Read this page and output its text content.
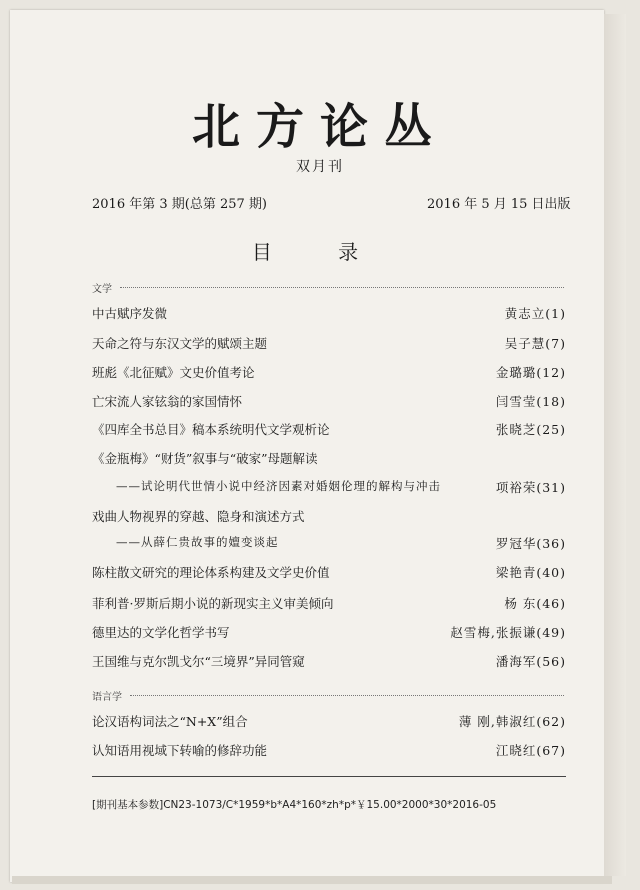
北方论丛
双月刊
2016 年第 3 期(总第 257 期)	2016 年 5 月 15 日出版
目 录
文学
中古赋序发微	黄志立(1)
天命之符与东汉文学的赋颂主题	吴子慧(7)
班彪《北征赋》文史价值考论	金璐璐(12)
亡宋流人家铉翁的家国情怀	闫雪莹(18)
《四库全书总目》稿本系统明代文学观析论	张晓芝(25)
《金瓶梅》“财货”叙事与“破家”母题解读
——试论明代世情小说中经济因素对婚姻伦理的解构与冲击	项裕荣(31)
戏曲人物视界的穿越、隐身和演述方式
——从薛仁贵故事的嬗变谈起	罗冠华(36)
陈柱散文研究的理论体系构建及文学史价值	梁艳青(40)
菲利普·罗斯后期小说的新现实主义审美倾向	杨 东(46)
德里达的文学化哲学书写	赵雪梅,张振谦(49)
王国维与克尔凯戈尔“三境界”异同管窥	潘海军(56)
语言学
论汉语构词法之“N+X”组合	薄 刚,韩淑红(62)
认知语用视域下转喻的修辞功能	江晓红(67)
[期刊基本参数]CN23-1073/C*1959*b*A4*160*zh*p*￥15.00*2000*30*2016-05
